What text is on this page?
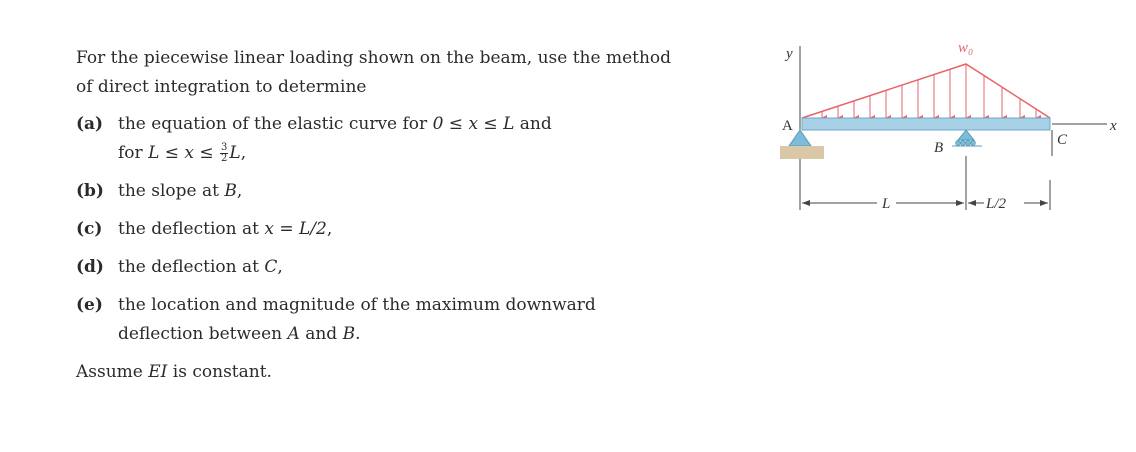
For the piecewise linear loading shown on the beam, use the method
of direct integration to determine

(a) the equation of the elastic curve for 0 ≤ x ≤ L and
for $L \le x \le \frac{3}{2} L$,
(b) the slope at B,
(c) the deflection at x = L/2,
(d) the deflection at C,
(e) the location and magnitude of the maximum downward
deflection between A and B.

Assume EI is constant.

y	w₀
x
A
B	C
L	L/2
